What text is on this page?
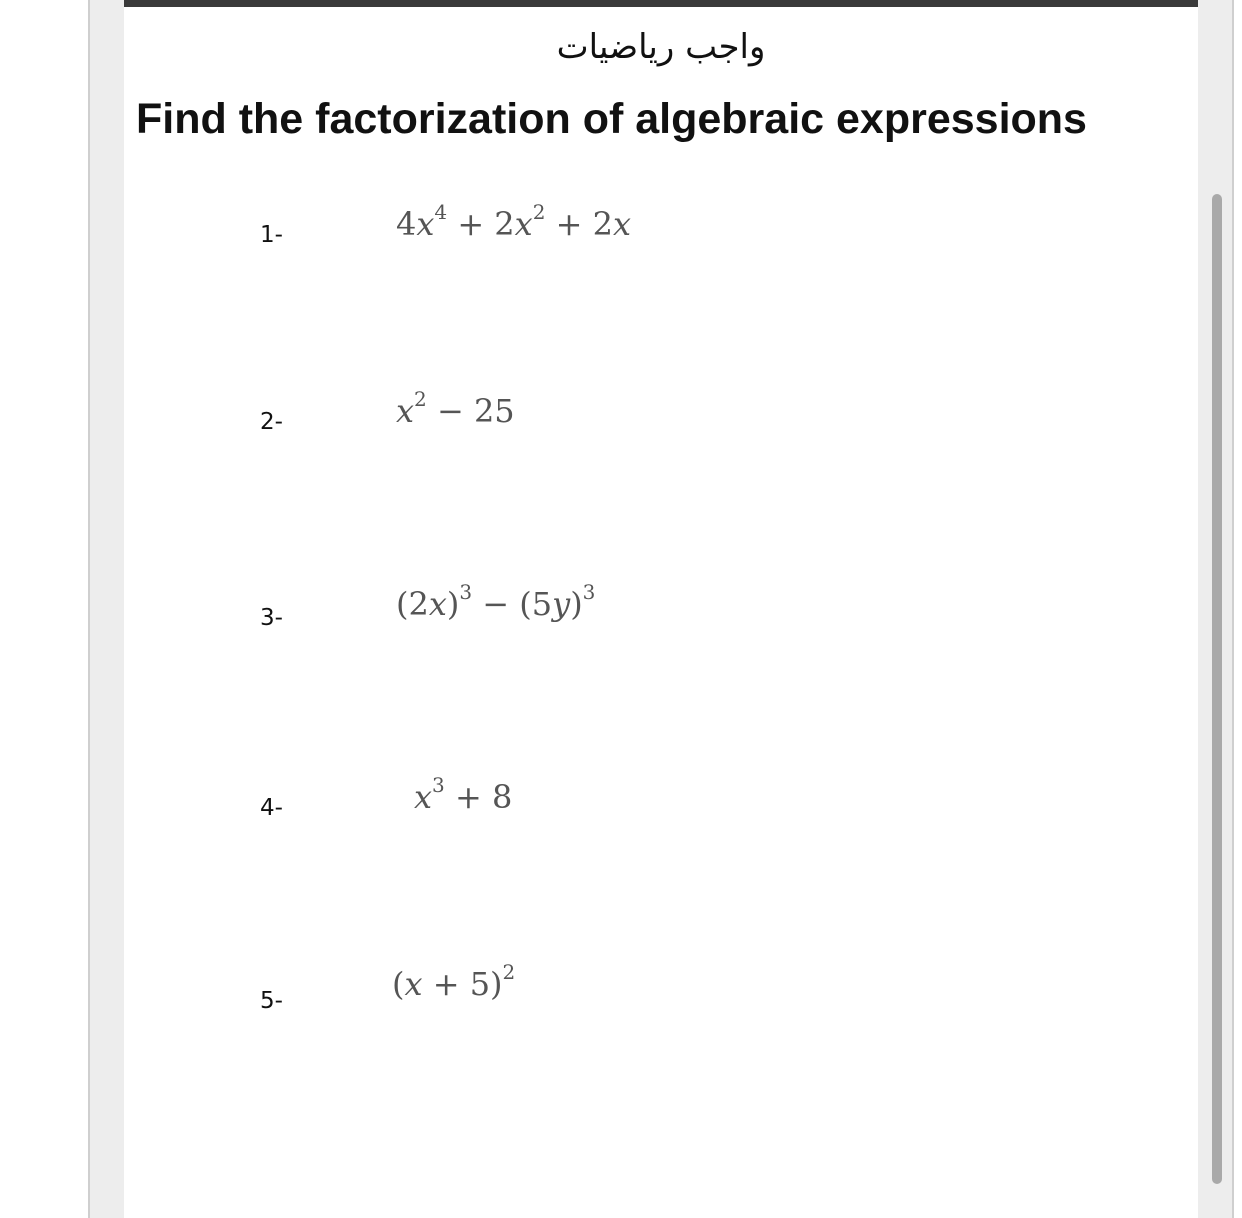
واجب رياضيات
Find the factorization of algebraic expressions
1-	$4x^4 + 2x^2 + 2x$
2-	$x^2 - 25$
3-	$(2x)^3 - (5y)^3$
4-	$x^3 + 8$
5-	$(x + 5)^2$
